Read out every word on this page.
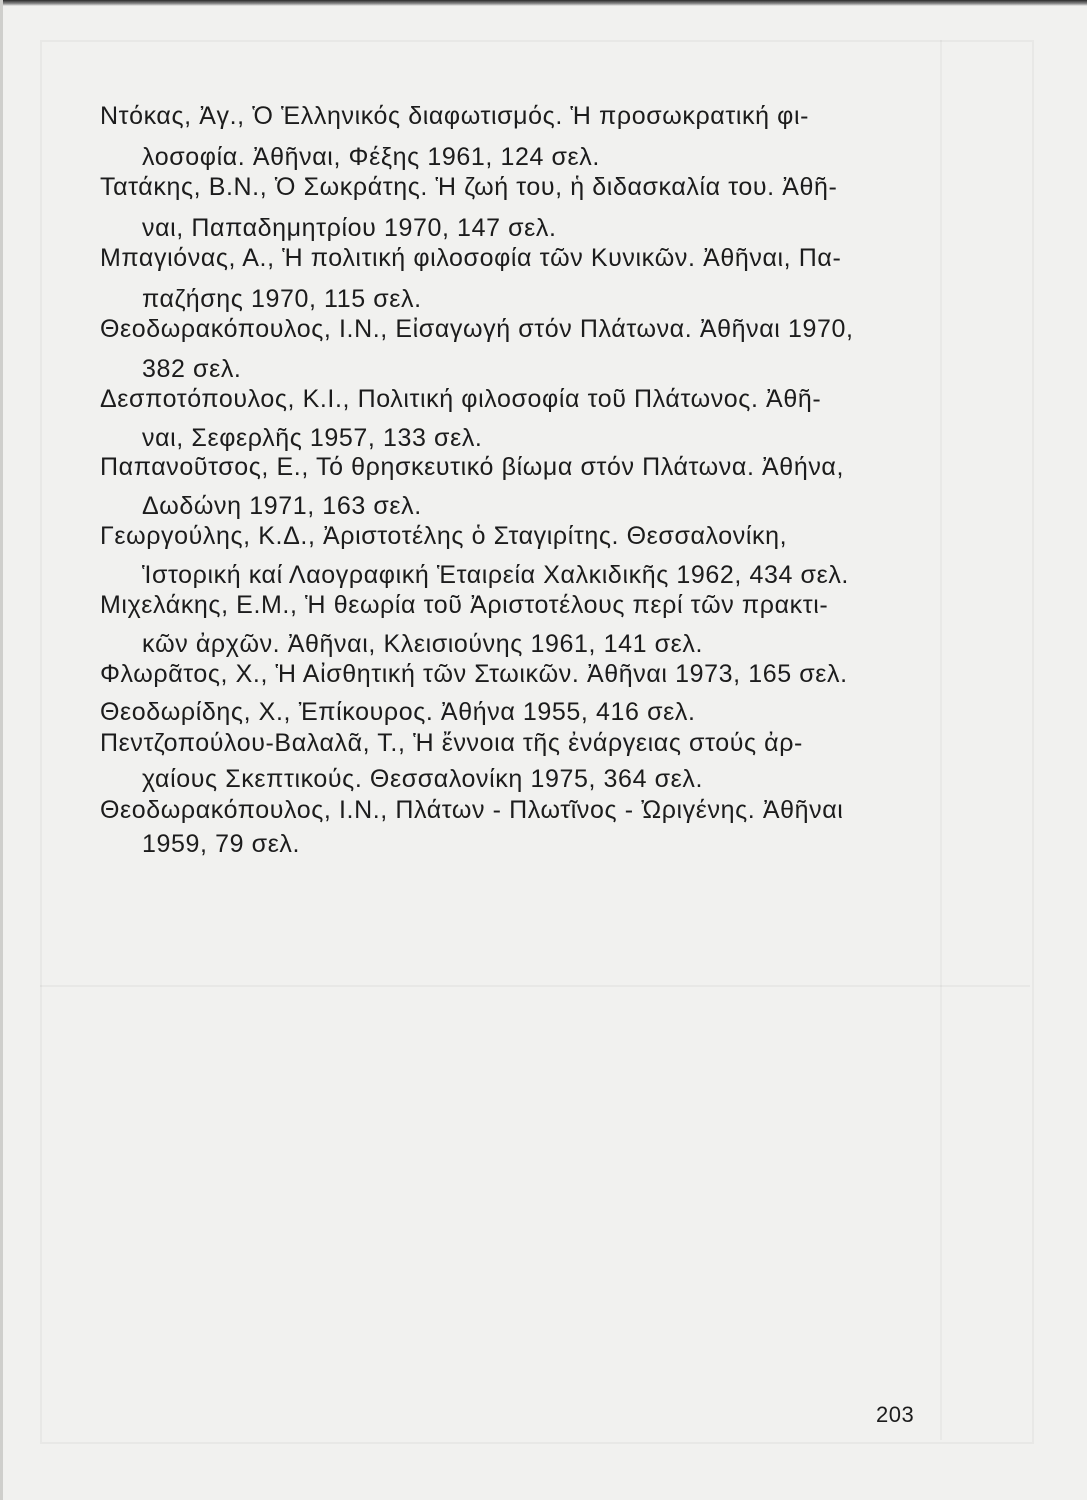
Ντόκας, Ἀγ., Ὁ Ἑλληνικός διαφωτισμός. Ἡ προσωκρατική φι-
λοσοφία. Ἀθῆναι, Φέξης 1961, 124 σελ.
Τατάκης, Β.Ν., Ὁ Σωκράτης. Ἡ ζωή του, ἡ διδασκαλία του. Ἀθῆ-
ναι, Παπαδημητρίου 1970, 147 σελ.
Μπαγιόνας, Α., Ἡ πολιτική φιλοσοφία τῶν Κυνικῶν. Ἀθῆναι, Πα-
παζήσης 1970, 115 σελ.
Θεοδωρακόπουλος, Ι.Ν., Εἰσαγωγή στόν Πλάτωνα. Ἀθῆναι 1970,
382 σελ.
Δεσποτόπουλος, Κ.Ι., Πολιτική φιλοσοφία τοῦ Πλάτωνος. Ἀθῆ-
ναι, Σεφερλῆς 1957, 133 σελ.
Παπανοῦτσος, Ε., Τό θρησκευτικό βίωμα στόν Πλάτωνα. Ἀθήνα,
Δωδώνη 1971, 163 σελ.
Γεωργούλης, Κ.Δ., Ἀριστοτέλης ὁ Σταγιρίτης. Θεσσαλονίκη,
Ἱστορική καί Λαογραφική Ἑταιρεία Χαλκιδικῆς 1962, 434 σελ.
Μιχελάκης, Ε.Μ., Ἡ θεωρία τοῦ Ἀριστοτέλους περί τῶν πρακτι-
κῶν ἀρχῶν. Ἀθῆναι, Κλεισιούνης 1961, 141 σελ.
Φλωρᾶτος, Χ., Ἡ Αἰσθητική τῶν Στωικῶν. Ἀθῆναι 1973, 165 σελ.
Θεοδωρίδης, Χ., Ἐπίκουρος. Ἀθήνα 1955, 416 σελ.
Πεντζοπούλου-Βαλαλᾶ, Τ., Ἡ ἔννοια τῆς ἐνάργειας στούς ἀρ-
χαίους Σκεπτικούς. Θεσσαλονίκη 1975, 364 σελ.
Θεοδωρακόπουλος, Ι.Ν., Πλάτων - Πλωτῖνος - Ὠριγένης. Ἀθῆναι
1959, 79 σελ.
203
